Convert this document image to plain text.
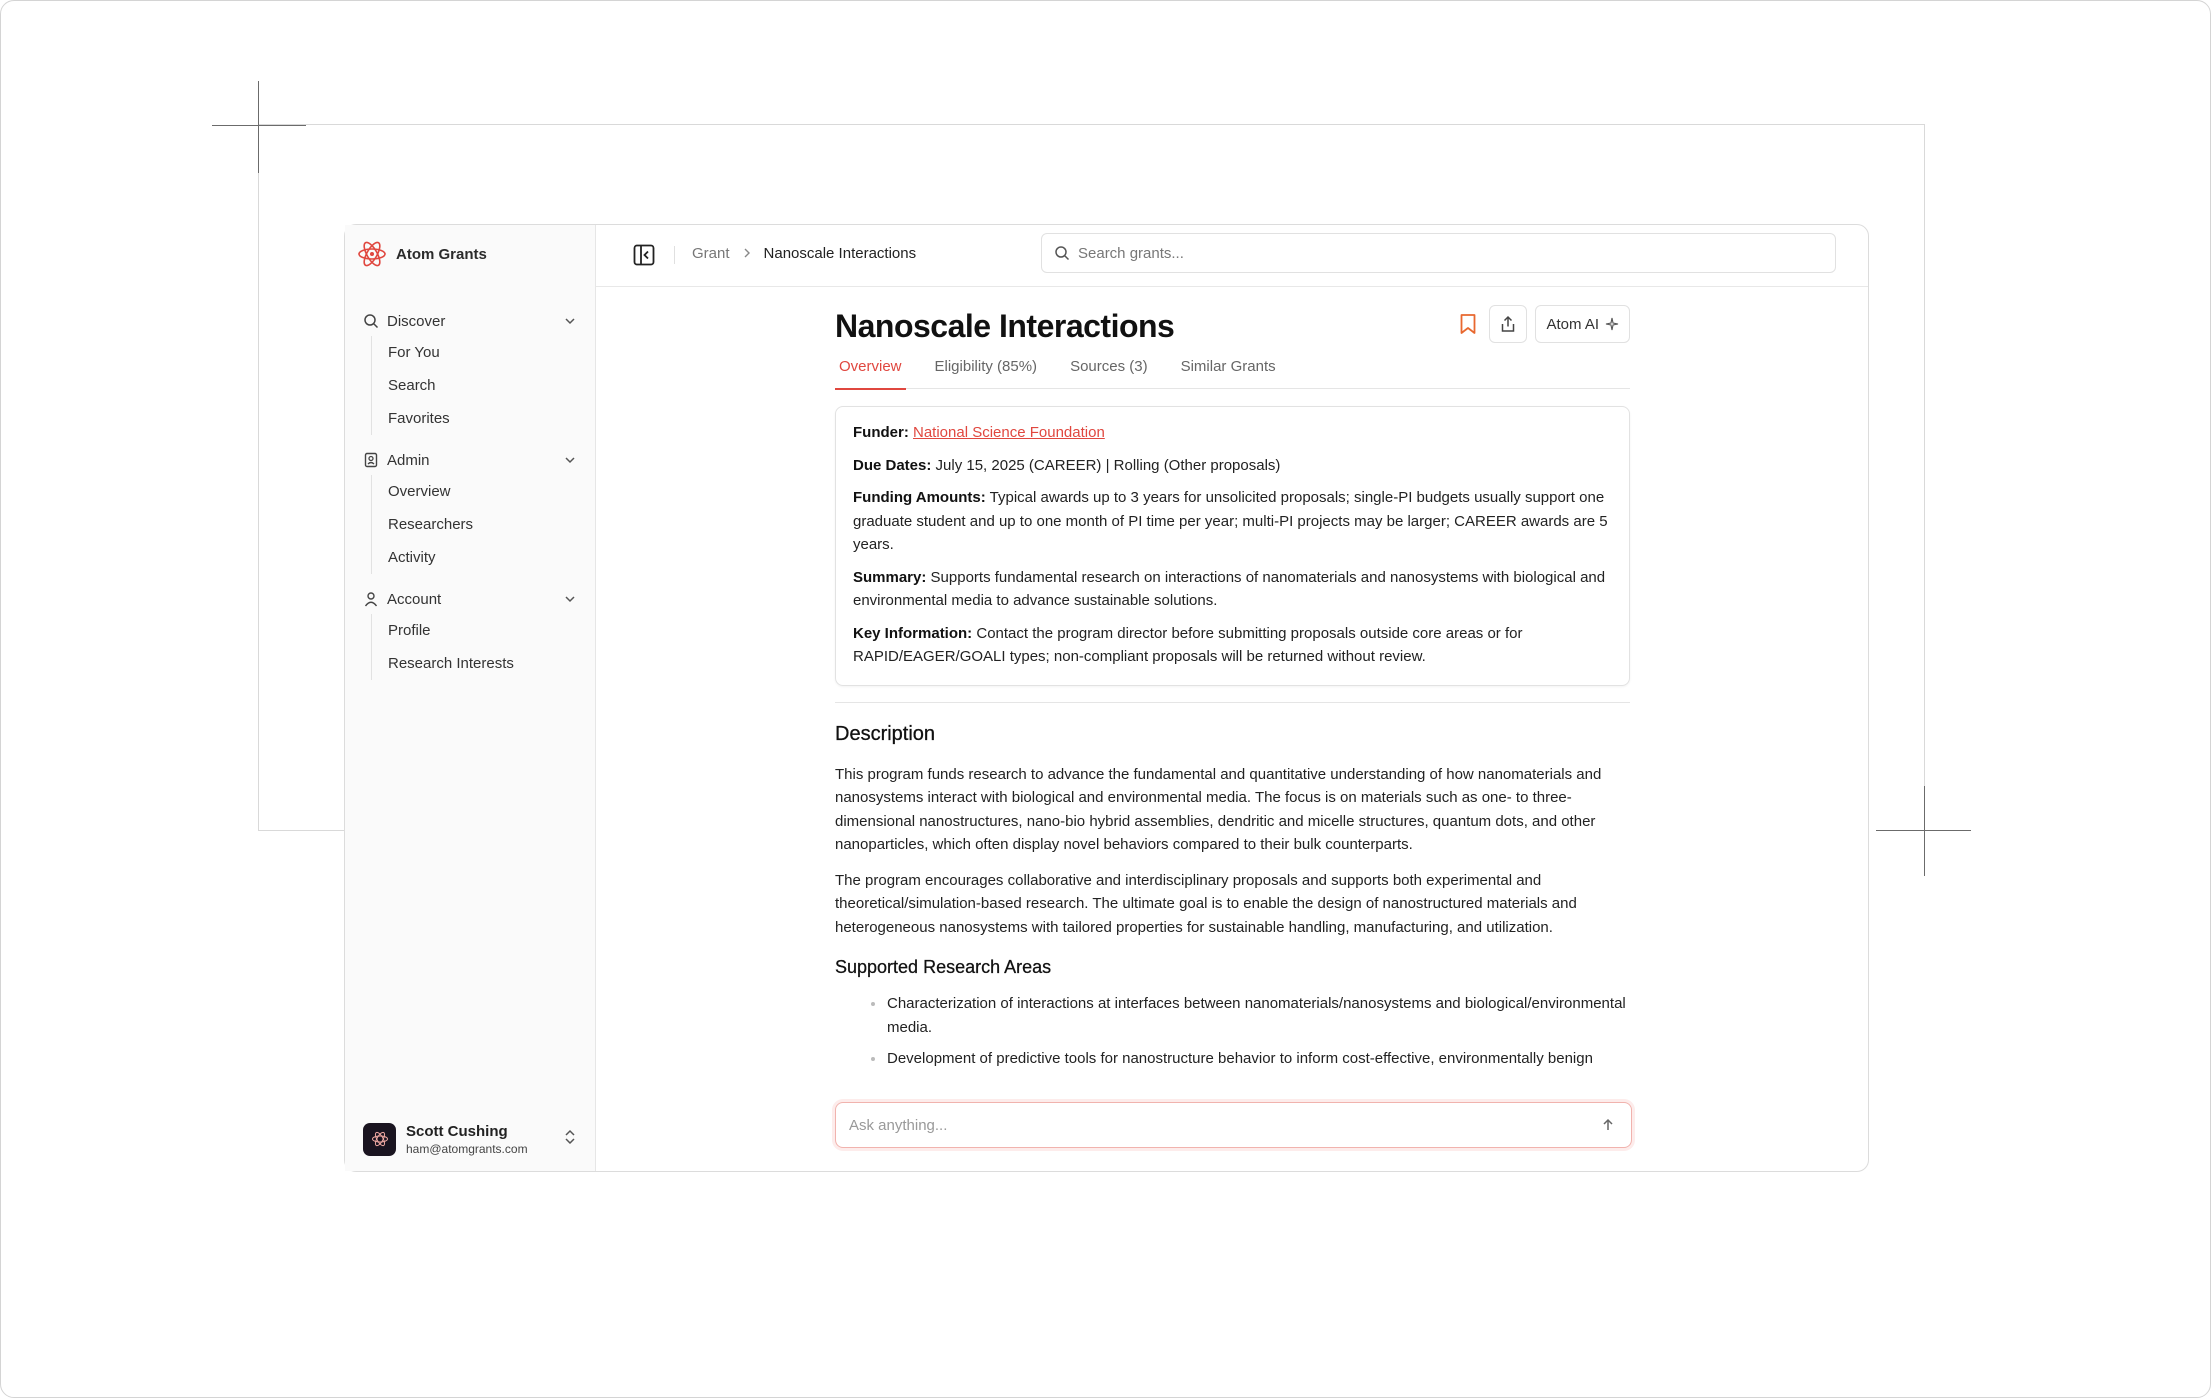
Atom Grants
Discover
For You
Search
Favorites
Admin
Overview
Researchers
Activity
Account
Profile
Research Interests
Scott Cushing
ham@atomgrants.com
Grant Nanoscale Interactions
Search grants...
Nanoscale Interactions	Atom AI
Overview Eligibility (85%) Sources (3) Similar Grants

Funder: National Science Foundation

Due Dates: July 15, 2025 (CAREER) | Rolling (Other proposals)

Funding Amounts: Typical awards up to 3 years for unsolicited proposals; single-PI budgets usually support one graduate student and up to one month of PI time per year; multi-PI projects may be larger; CAREER awards are 5 years.

Summary: Supports fundamental research on interactions of nanomaterials and nanosystems with biological and environmental media to advance sustainable solutions.

Key Information: Contact the program director before submitting proposals outside core areas or for RAPID/EAGER/GOALI types; non-compliant proposals will be returned without review.

Description

This program funds research to advance the fundamental and quantitative understanding of how nanomaterials and nanosystems interact with biological and environmental media. The focus is on materials such as one- to three-dimensional nanostructures, nano-bio hybrid assemblies, dendritic and micelle structures, quantum dots, and other nanoparticles, which often display novel behaviors compared to their bulk counterparts.

The program encourages collaborative and interdisciplinary proposals and supports both experimental and theoretical/simulation-based research. The ultimate goal is to enable the design of nanostructured materials and heterogeneous nanosystems with tailored properties for sustainable handling, manufacturing, and utilization.

Supported Research Areas
Characterization of interactions at interfaces between nanomaterials/nanosystems and biological/environmental media.
Development of predictive tools for nanostructure behavior to inform cost-effective, environmentally benign
Ask anything...
